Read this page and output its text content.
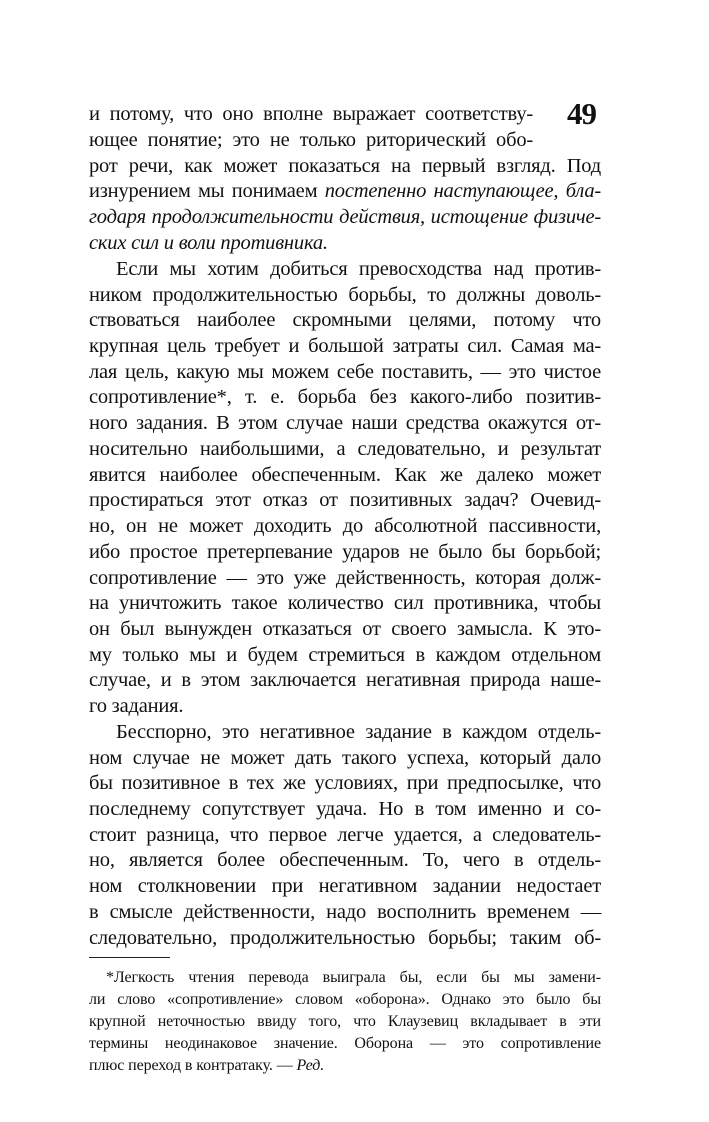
49
и потому, что оно вполне выражает соответству-
ющее понятие; это не только риторический обо-
рот речи, как может показаться на первый взгляд. Под
изнурением мы понимаем постепенно наступающее, бла-
годаря продолжительности действия, истощение физиче-
ских сил и воли противника.
Если мы хотим добиться превосходства над против-
ником продолжительностью борьбы, то должны доволь-
ствоваться наиболее скромными целями, потому что
крупная цель требует и большой затраты сил. Самая ма-
лая цель, какую мы можем себе поставить, — это чистое
сопротивление*, т. е. борьба без какого-либо позитив-
ного задания. В этом случае наши средства окажутся от-
носительно наибольшими, а следовательно, и результат
явится наиболее обеспеченным. Как же далеко может
простираться этот отказ от позитивных задач? Очевид-
но, он не может доходить до абсолютной пассивности,
ибо простое претерпевание ударов не было бы борьбой;
сопротивление — это уже действенность, которая долж-
на уничтожить такое количество сил противника, чтобы
он был вынужден отказаться от своего замысла. К это-
му только мы и будем стремиться в каждом отдельном
случае, и в этом заключается негативная природа наше-
го задания.
Бесспорно, это негативное задание в каждом отдель-
ном случае не может дать такого успеха, который дало
бы позитивное в тех же условиях, при предпосылке, что
последнему сопутствует удача. Но в том именно и со-
стоит разница, что первое легче удается, а следователь-
но, является более обеспеченным. То, чего в отдель-
ном столкновении при негативном задании недостает
в смысле действенности, надо восполнить временем —
следовательно, продолжительностью борьбы; таким об-
*Легкость чтения перевода выиграла бы, если бы мы замени-
ли слово «сопротивление» словом «оборона». Однако это было бы
крупной неточностью ввиду того, что Клаузевиц вкладывает в эти
термины неодинаковое значение. Оборона — это сопротивление
плюс переход в контратаку. — Ред.
